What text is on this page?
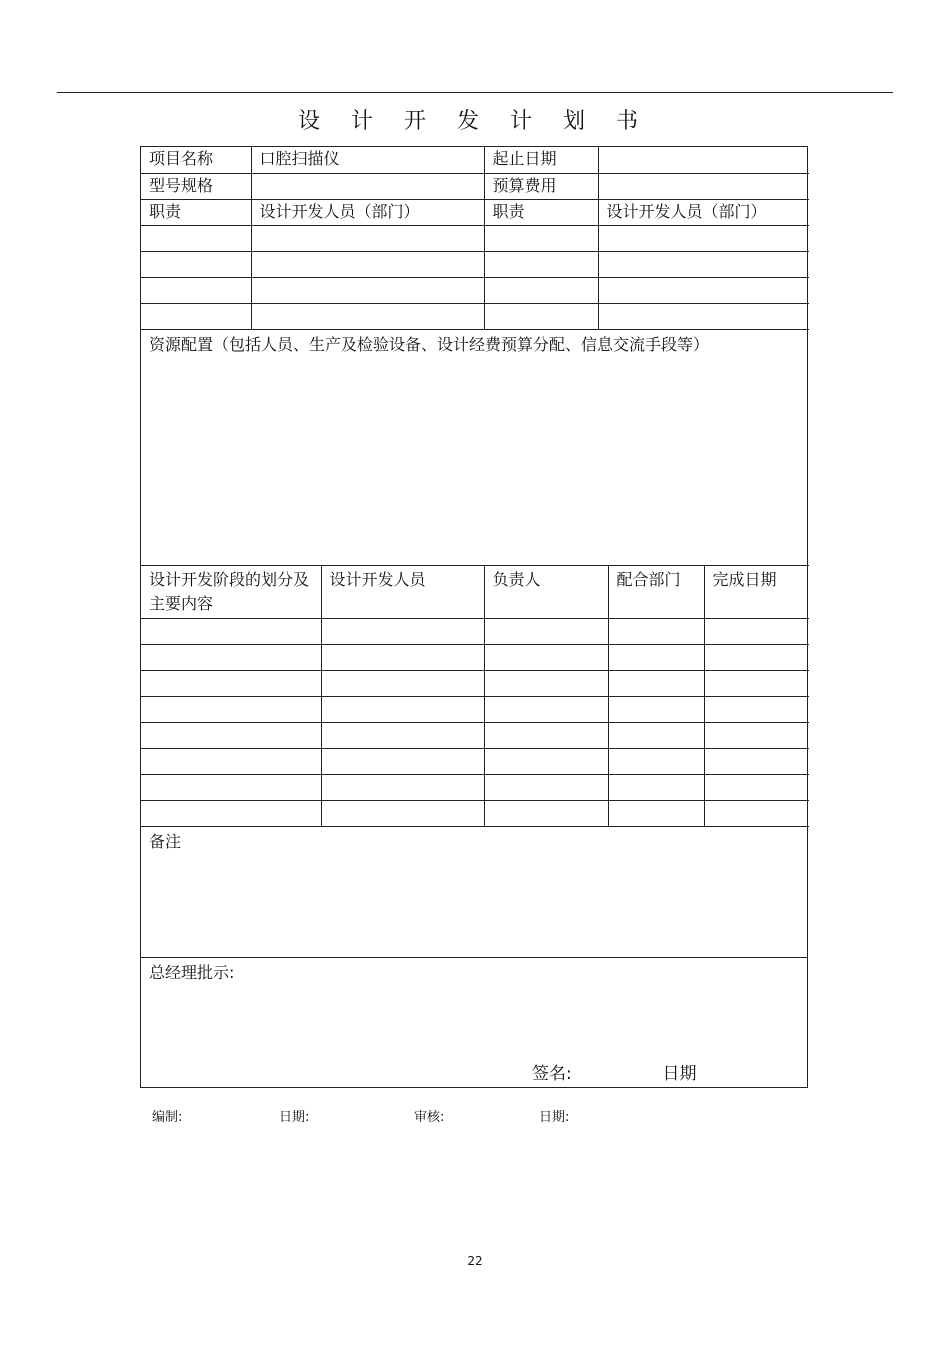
设 计 开 发 计 划 书
项目名称	口腔扫描仪	起止日期	
型号规格		预算费用	
职责	设计开发人员（部门）	职责	设计开发人员（部门）

资源配置（包括人员、生产及检验设备、设计经费预算分配、信息交流手段等）
设计开发阶段的划分及主要内容	设计开发人员	负责人	配合部门	完成日期

备注
总经理批示:
签名:	日期
编制:	日期:	审核:	日期:
22
